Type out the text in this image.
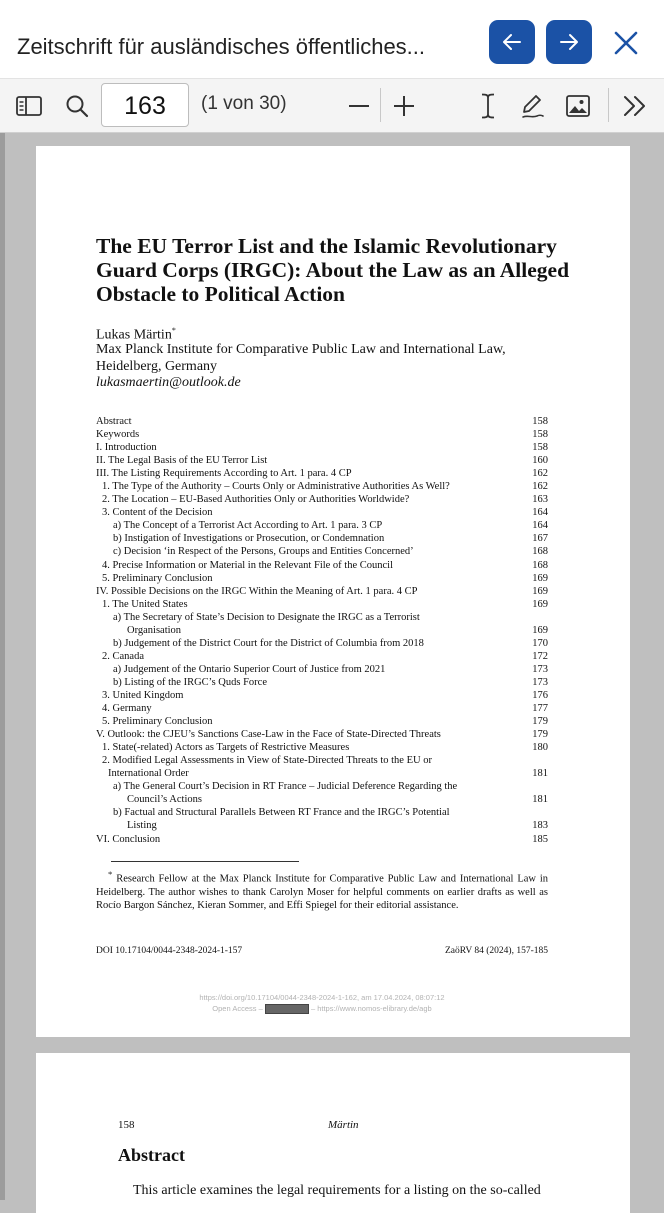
Zeitschrift für ausländisches öffentliches...
163	(1 von 30)
The EU Terror List and the Islamic Revolutionary Guard Corps (IRGC): About the Law as an Alleged Obstacle to Political Action
Lukas Märtin*
Max Planck Institute for Comparative Public Law and International Law, Heidelberg, Germany
lukasmaertin@outlook.de
Abstract	158
Keywords	158
I. Introduction	158
II. The Legal Basis of the EU Terror List	160
III. The Listing Requirements According to Art. 1 para. 4 CP	162
1. The Type of the Authority – Courts Only or Administrative Authorities As Well?	162
2. The Location – EU-Based Authorities Only or Authorities Worldwide?	163
3. Content of the Decision	164
a) The Concept of a Terrorist Act According to Art. 1 para. 3 CP	164
b) Instigation of Investigations or Prosecution, or Condemnation	167
c) Decision ‘in Respect of the Persons, Groups and Entities Concerned’	168
4. Precise Information or Material in the Relevant File of the Council	168
5. Preliminary Conclusion	169
IV. Possible Decisions on the IRGC Within the Meaning of Art. 1 para. 4 CP	169
1. The United States	169
a) The Secretary of State’s Decision to Designate the IRGC as a Terrorist
Organisation	169
b) Judgement of the District Court for the District of Columbia from 2018	170
2. Canada	172
a) Judgement of the Ontario Superior Court of Justice from 2021	173
b) Listing of the IRGC’s Quds Force	173
3. United Kingdom	176
4. Germany	177
5. Preliminary Conclusion	179
V. Outlook: the CJEU’s Sanctions Case-Law in the Face of State-Directed Threats	179
1. State(-related) Actors as Targets of Restrictive Measures	180
2. Modified Legal Assessments in View of State-Directed Threats to the EU or
International Order	181
a) The General Court’s Decision in RT France – Judicial Deference Regarding the
Council’s Actions	181
b) Factual and Structural Parallels Between RT France and the IRGC’s Potential
Listing	183
VI. Conclusion	185
* Research Fellow at the Max Planck Institute for Comparative Public Law and International Law in Heidelberg. The author wishes to thank Carolyn Moser for helpful comments on earlier drafts as well as Rocío Bargon Sánchez, Kieran Sommer, and Effi Spiegel for their editorial assistance.
DOI 10.17104/0044-2348-2024-1-157	ZaöRV 84 (2024), 157-185
https://doi.org/10.17104/0044-2348-2024-1-162, am 17.04.2024, 08:07:12
Open Access –	– https://www.nomos-elibrary.de/agb
158	Märtin
Abstract
This article examines the legal requirements for a listing on the so-called
